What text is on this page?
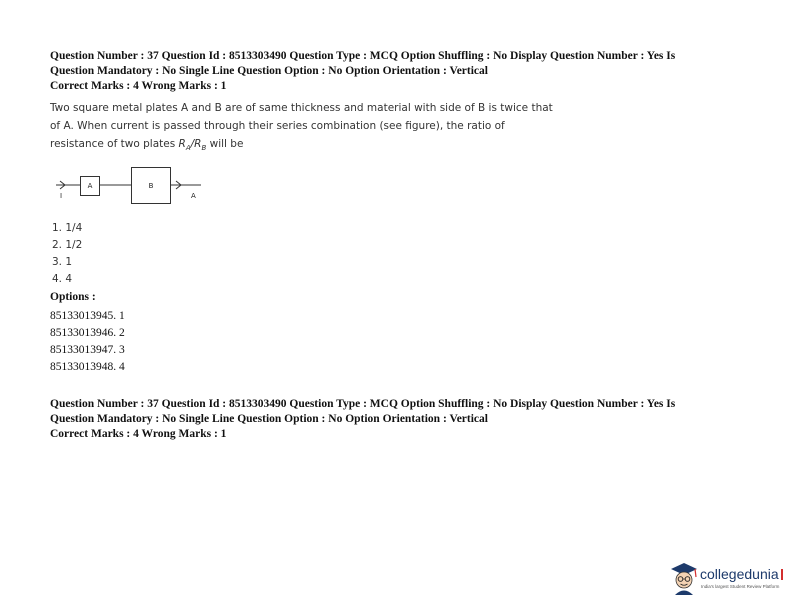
Question Number : 37 Question Id : 8513303490 Question Type : MCQ Option Shuffling : No Display Question Number : Yes Is
Question Mandatory : No Single Line Question Option : No Option Orientation : Vertical
Correct Marks : 4 Wrong Marks : 1
Two square metal plates A and B are of same thickness and material with side of B is twice that
of A. When current is passed through their series combination (see figure), the ratio of
resistance of two plates $R_A/R_B$ will be
A	B
I	A
1. 1/4
2. 1/2
3. 1
4. 4
Options :
85133013945. 1
85133013946. 2
85133013947. 3
85133013948. 4
Question Number : 37 Question Id : 8513303490 Question Type : MCQ Option Shuffling : No Display Question Number : Yes Is
Question Mandatory : No Single Line Question Option : No Option Orientation : Vertical
Correct Marks : 4 Wrong Marks : 1
collegedunia
India's largest Student Review Platform
